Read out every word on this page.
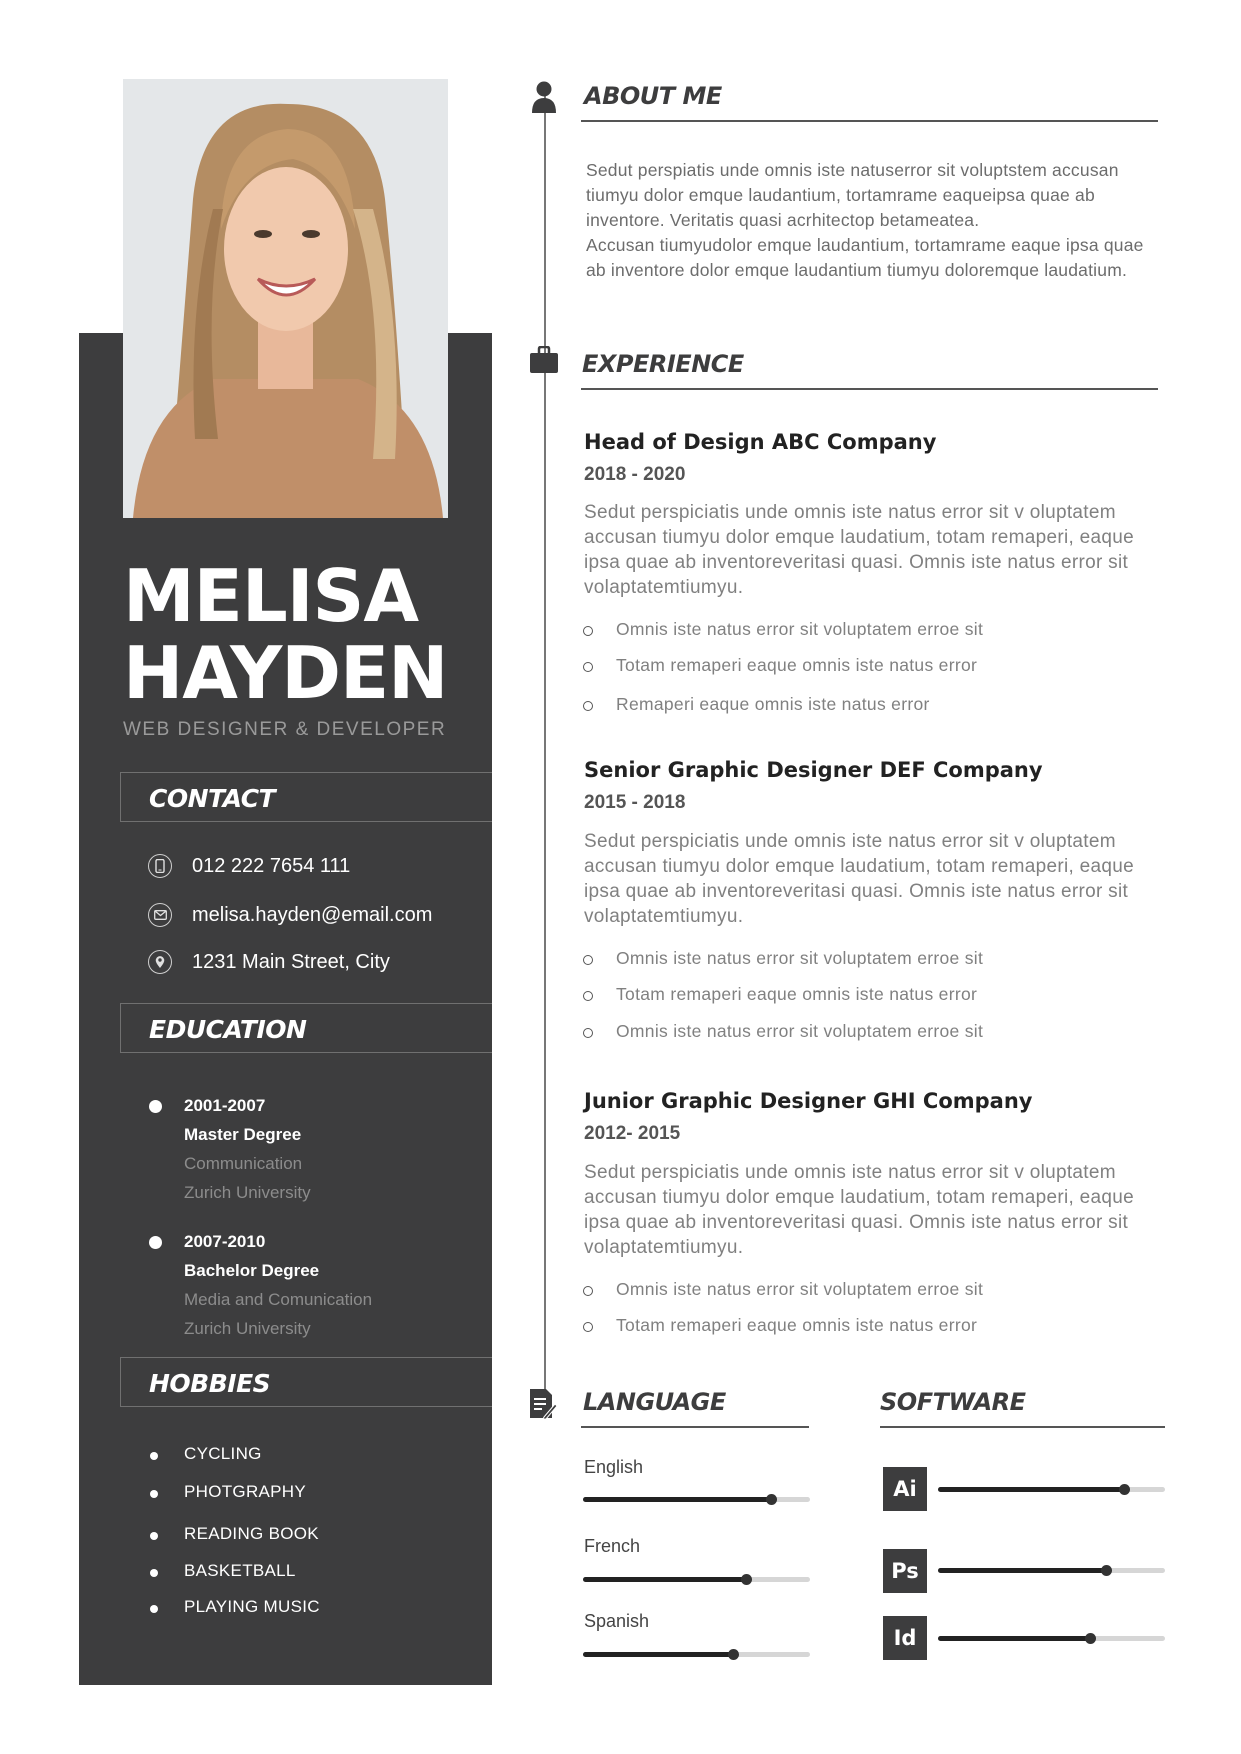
MELISA
HAYDEN
WEB DESIGNER & DEVELOPER
CONTACT
012 222 7654 111
melisa.hayden@email.com
1231 Main Street, City
EDUCATION
2001-2007
Master Degree
Communication
Zurich University
2007-2010
Bachelor Degree
Media and Comunication
Zurich University
HOBBIES
CYCLING
PHOTGRAPHY
READING BOOK
BASKETBALL
PLAYING MUSIC
ABOUT ME
Sedut perspiatis unde omnis iste natuserror sit voluptstem accusan tiumyu dolor emque laudantium, tortamrame eaqueipsa quae ab inventore. Veritatis quasi acrhitectop betameatea.
Accusan tiumyudolor emque laudantium, tortamrame eaque ipsa quae ab inventore dolor emque laudantium tiumyu doloremque laudatium.
EXPERIENCE
Head of Design ABC Company
2018 - 2020
Sedut perspiciatis unde omnis iste natus error sit v oluptatem accusan tiumyu dolor emque laudatium, totam remaperi, eaque ipsa quae ab inventoreveritasi quasi. Omnis iste natus error sit volaptatemtiumyu.
Omnis iste natus error sit voluptatem erroe sit
Totam remaperi eaque omnis iste natus error
Remaperi eaque omnis iste natus error
Senior Graphic Designer DEF Company
2015 - 2018
Sedut perspiciatis unde omnis iste natus error sit v oluptatem accusan tiumyu dolor emque laudatium, totam remaperi, eaque ipsa quae ab inventoreveritasi quasi. Omnis iste natus error sit volaptatemtiumyu.
Omnis iste natus error sit voluptatem erroe sit
Totam remaperi eaque omnis iste natus error
Omnis iste natus error sit voluptatem erroe sit
Junior Graphic Designer GHI Company
2012- 2015
Sedut perspiciatis unde omnis iste natus error sit v oluptatem accusan tiumyu dolor emque laudatium, totam remaperi, eaque ipsa quae ab inventoreveritasi quasi. Omnis iste natus error sit volaptatemtiumyu.
Omnis iste natus error sit voluptatem erroe sit
Totam remaperi eaque omnis iste natus error
LANGUAGE
English
French
Spanish
SOFTWARE
Ai
Ps
Id
